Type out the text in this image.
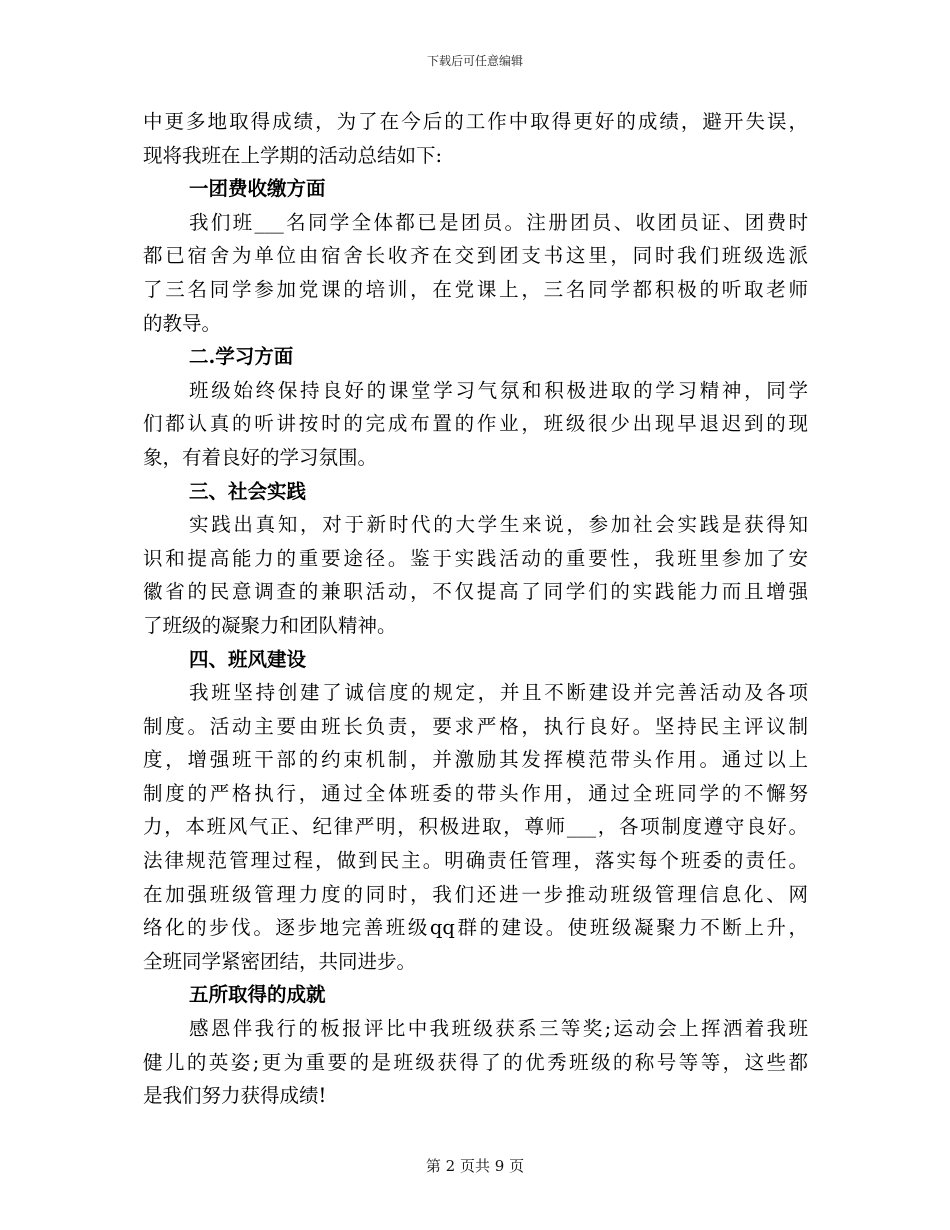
下载后可任意编辑
中更多地取得成绩，为了在今后的工作中取得更好的成绩，避开失误，
现将我班在上学期的活动总结如下:
一团费收缴方面
我们班___名同学全体都已是团员。注册团员、收团员证、团费时
都已宿舍为单位由宿舍长收齐在交到团支书这里，同时我们班级选派
了三名同学参加党课的培训，在党课上，三名同学都积极的听取老师
的教导。
二.学习方面
班级始终保持良好的课堂学习气氛和积极进取的学习精神，同学
们都认真的听讲按时的完成布置的作业，班级很少出现早退迟到的现
象，有着良好的学习氛围。
三、社会实践
实践出真知，对于新时代的大学生来说，参加社会实践是获得知
识和提高能力的重要途径。鉴于实践活动的重要性，我班里参加了安
徽省的民意调查的兼职活动，不仅提高了同学们的实践能力而且增强
了班级的凝聚力和团队精神。
四、班风建设
我班坚持创建了诚信度的规定，并且不断建设并完善活动及各项
制度。活动主要由班长负责，要求严格，执行良好。坚持民主评议制
度，增强班干部的约束机制，并激励其发挥模范带头作用。通过以上
制度的严格执行，通过全体班委的带头作用，通过全班同学的不懈努
力，本班风气正、纪律严明，积极进取，尊师___，各项制度遵守良好。
法律规范管理过程，做到民主。明确责任管理，落实每个班委的责任。
在加强班级管理力度的同时，我们还进一步推动班级管理信息化、网
络化的步伐。逐步地完善班级qq群的建设。使班级凝聚力不断上升，
全班同学紧密团结，共同进步。
五所取得的成就
感恩伴我行的板报评比中我班级获系三等奖;运动会上挥洒着我班
健儿的英姿;更为重要的是班级获得了的优秀班级的称号等等，这些都
是我们努力获得成绩!
第 2 页共 9 页
